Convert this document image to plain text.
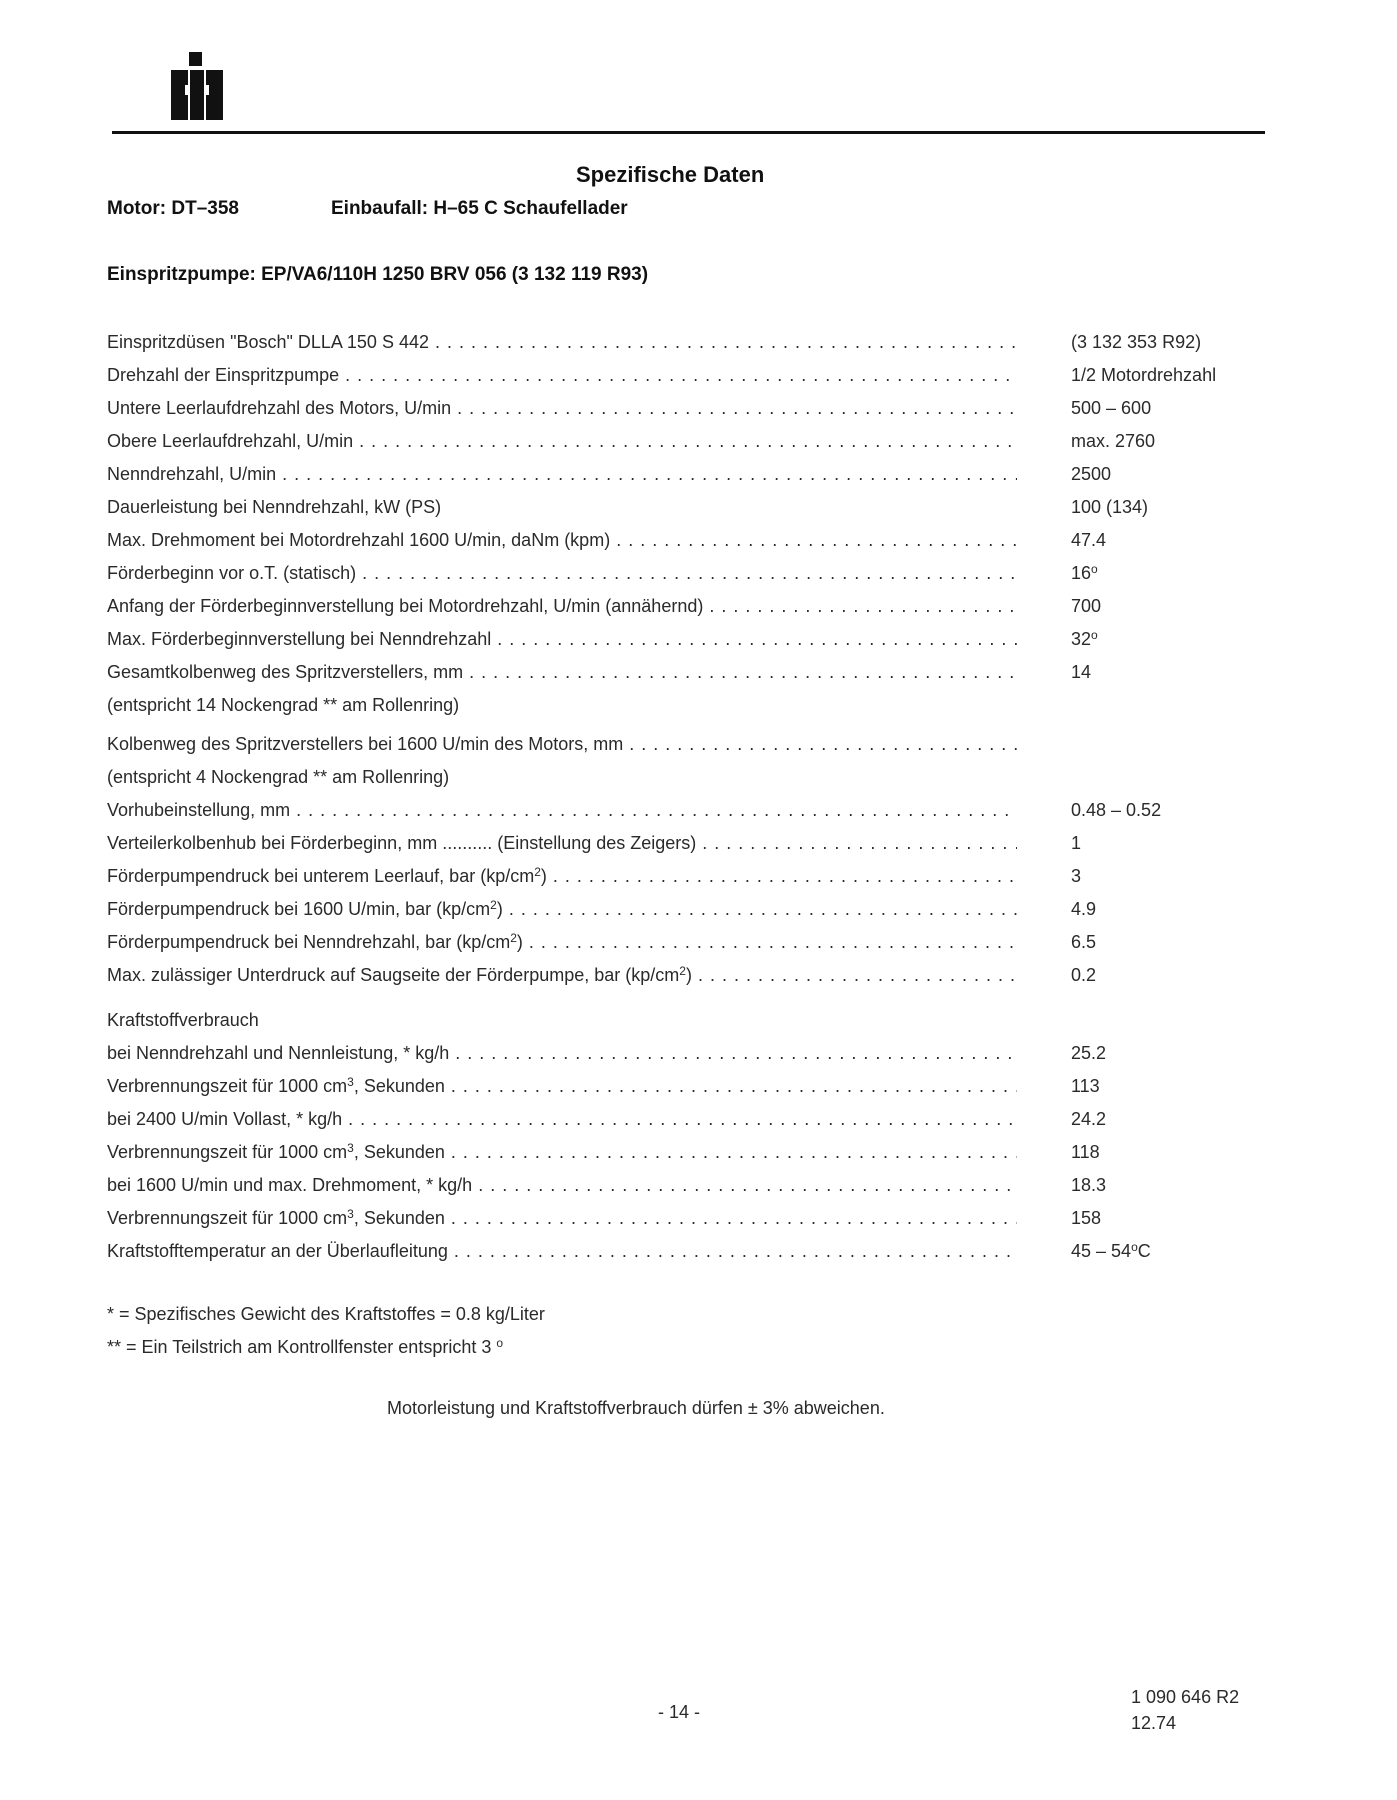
Spezifische Daten
Motor: DT–358	Einbaufall: H–65 C Schaufellader
Einspritzpumpe: EP/VA6/110H 1250 BRV 056 (3 132 119 R93)
Einspritzdüsen "Bosch" DLLA 150 S 442 . . .	(3 132 353 R92)
Drehzahl der Einspritzpumpe . . .	1/2 Motordrehzahl
Untere Leerlaufdrehzahl des Motors, U/min . . .	500 – 600
Obere Leerlaufdrehzahl, U/min . . .	max. 2760
Nenndrehzahl, U/min . . .	2500
Dauerleistung bei Nenndrehzahl, kW (PS)	100 (134)
Max. Drehmoment bei Motordrehzahl 1600 U/min, daNm (kpm) . . .	47.4
Förderbeginn vor o.T. (statisch) . . .	16$^o$
Anfang der Förderbeginnverstellung bei Motordrehzahl, U/min (annähernd) . . .	700
Max. Förderbeginnverstellung bei Nenndrehzahl . . .	32$^o$
Gesamtkolbenweg des Spritzverstellers, mm . . .	14
(entspricht 14 Nockengrad ** am Rollenring)
Kolbenweg des Spritzverstellers bei 1600 U/min des Motors, mm . . .
(entspricht 4 Nockengrad ** am Rollenring)
Vorhubeinstellung, mm . . .	0.48 – 0.52
Verteilerkolbenhub bei Förderbeginn, mm .......... (Einstellung des Zeigers) . . .	1
Förderpumpendruck bei unterem Leerlauf, bar $(kp/cm^2)$ . . .	3
Förderpumpendruck bei 1600 U/min, bar $(kp/cm^2)$ . . .	4.9
Förderpumpendruck bei Nenndrehzahl, bar $(kp/cm^2)$ . . .	6.5
Max. zulässiger Unterdruck auf Saugseite der Förderpumpe, bar $(kp/cm^2)$ . . .	0.2
Kraftstoffverbrauch
bei Nenndrehzahl und Nennleistung, * kg/h . . .	25.2
Verbrennungszeit für 1000 $cm^3$, Sekunden . . .	113
bei 2400 U/min Vollast, * kg/h . . .	24.2
Verbrennungszeit für 1000 $cm^3$, Sekunden . . .	118
bei 1600 U/min und max. Drehmoment, * kg/h . . .	18.3
Verbrennungszeit für 1000 $cm^3$, Sekunden . . .	158
Kraftstofftemperatur an der Überlaufleitung . . .	45 – 54$^o$C
* = Spezifisches Gewicht des Kraftstoffes = 0.8 kg/Liter
** = Ein Teilstrich am Kontrollfenster entspricht 3 $^o$
Motorleistung und Kraftstoffverbrauch dürfen ± 3% abweichen.
- 14 -
1 090 646 R2
12.74
